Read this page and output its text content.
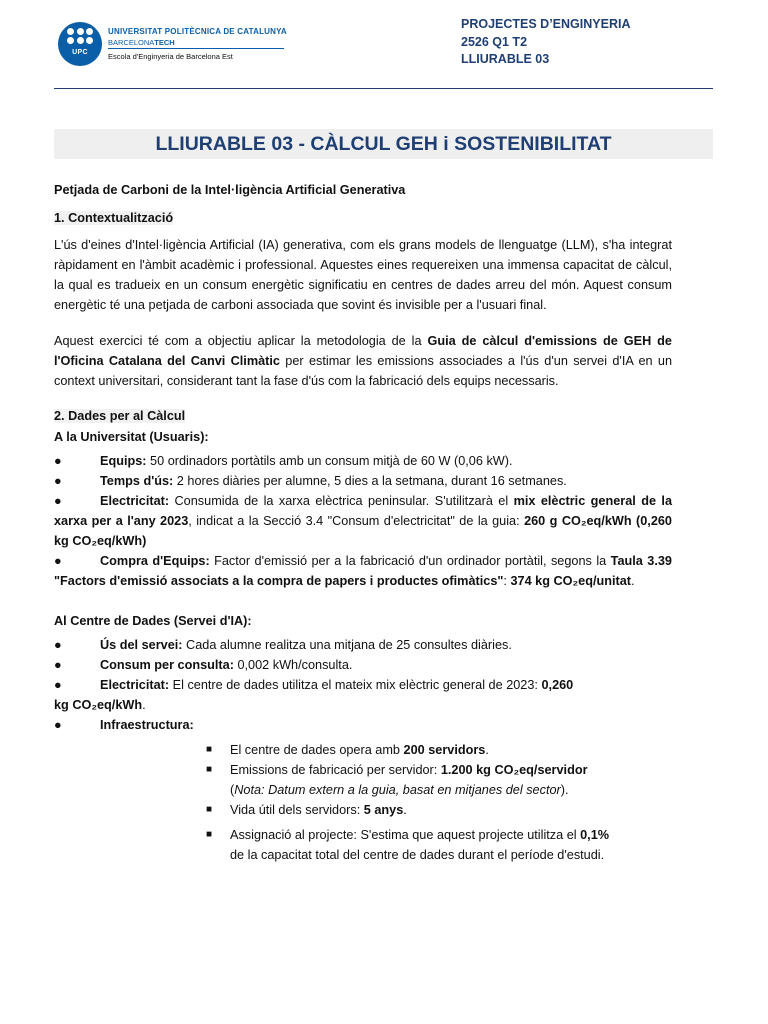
UPC
UNIVERSITAT POLITÈCNICA DE CATALUNYA
BARCELONATECH
Escola d'Enginyeria de Barcelona Est
PROJECTES D’ENGINYERIA
2526 Q1 T2
LLIURABLE 03
LLIURABLE 03 - CÀLCUL GEH i SOSTENIBILITAT

Petjada de Carboni de la Intel·ligència Artificial Generativa

1. Contextualització

L'ús d'eines d'Intel·ligència Artificial (IA) generativa, com els grans models de llenguatge (LLM), s'ha integrat ràpidament en l'àmbit acadèmic i professional. Aquestes eines requereixen una immensa capacitat de càlcul, la qual es tradueix en un consum energètic significatiu en centres de dades arreu del món. Aquest consum energètic té una petjada de carboni associada que sovint és invisible per a l'usuari final.

Aquest exercici té com a objectiu aplicar la metodologia de la Guia de càlcul d'emissions de GEH de l'Oficina Catalana del Canvi Climàtic per estimar les emissions associades a l'ús d'un servei d'IA en un context universitari, considerant tant la fase d'ús com la fabricació dels equips necessaris.

2. Dades per al Càlcul

A la Universitat (Usuaris):

●	Equips: 50 ordinadors portàtils amb un consum mitjà de 60 W (0,06 kW).
●	Temps d'ús: 2 hores diàries per alumne, 5 dies a la setmana, durant 16 setmanes.
●	Electricitat: Consumida de la xarxa elèctrica peninsular. S'utilitzarà el mix elèctric general de la xarxa per a l'any 2023, indicat a la Secció 3.4 "Consum d'electricitat" de la guia: 260 g CO₂eq/kWh (0,260 kg CO₂eq/kWh)
●	Compra d'Equips: Factor d'emissió per a la fabricació d'un ordinador portàtil, segons la Taula 3.39 "Factors d'emissió associats a la compra de papers i productes ofimàtics": 374 kg CO₂eq/unitat.

Al Centre de Dades (Servei d'IA):

●	Ús del servei: Cada alumne realitza una mitjana de 25 consultes diàries.
●	Consum per consulta: 0,002 kWh/consulta.
●	Electricitat: El centre de dades utilitza el mateix mix elèctric general de 2023: 0,260
kg CO₂eq/kWh.
●	Infraestructura:
■ El centre de dades opera amb 200 servidors.
■ Emissions de fabricació per servidor: 1.200 kg CO₂eq/servidor
(Nota: Datum extern a la guia, basat en mitjanes del sector).
■ Vida útil dels servidors: 5 anys.
■ Assignació al projecte: S'estima que aquest projecte utilitza el 0,1%
de la capacitat total del centre de dades durant el període d'estudi.
